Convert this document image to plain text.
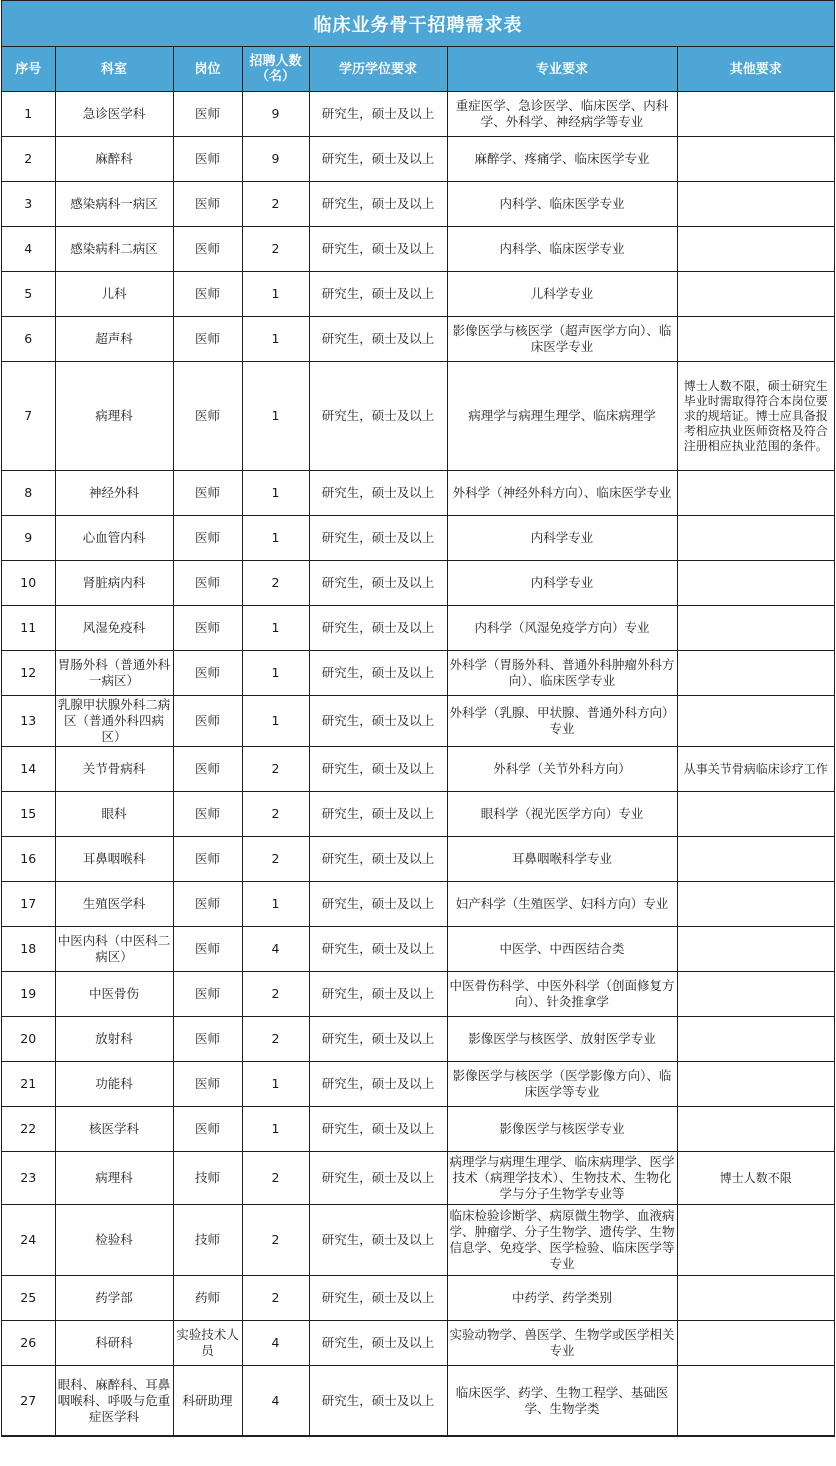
临床业务骨干招聘需求表
序号	科室	岗位	招聘人数（名）	学历学位要求	专业要求	其他要求
1	急诊医学科	医师	9	研究生，硕士及以上	重症医学、急诊医学、临床医学、内科学、外科学、神经病学等专业	
2	麻醉科	医师	9	研究生，硕士及以上	麻醉学、疼痛学、临床医学专业	
3	感染病科一病区	医师	2	研究生，硕士及以上	内科学、临床医学专业	
4	感染病科二病区	医师	2	研究生，硕士及以上	内科学、临床医学专业	
5	儿科	医师	1	研究生，硕士及以上	儿科学专业	
6	超声科	医师	1	研究生，硕士及以上	影像医学与核医学（超声医学方向）、临床医学专业	
7	病理科	医师	1	研究生，硕士及以上	病理学与病理生理学、临床病理学	博士人数不限，硕士研究生毕业时需取得符合本岗位要求的规培证。博士应具备报考相应执业医师资格及符合注册相应执业范围的条件。
8	神经外科	医师	1	研究生，硕士及以上	外科学（神经外科方向）、临床医学专业	
9	心血管内科	医师	1	研究生，硕士及以上	内科学专业	
10	肾脏病内科	医师	2	研究生，硕士及以上	内科学专业	
11	风湿免疫科	医师	1	研究生，硕士及以上	内科学（风湿免疫学方向）专业	
12	胃肠外科（普通外科一病区）	医师	1	研究生，硕士及以上	外科学（胃肠外科、普通外科肿瘤外科方向）、临床医学专业	
13	乳腺甲状腺外科二病区（普通外科四病区）	医师	1	研究生，硕士及以上	外科学（乳腺、甲状腺、普通外科方向）专业	
14	关节骨病科	医师	2	研究生，硕士及以上	外科学（关节外科方向）	从事关节骨病临床诊疗工作
15	眼科	医师	2	研究生，硕士及以上	眼科学（视光医学方向）专业	
16	耳鼻咽喉科	医师	2	研究生，硕士及以上	耳鼻咽喉科学专业	
17	生殖医学科	医师	1	研究生，硕士及以上	妇产科学（生殖医学、妇科方向）专业	
18	中医内科（中医科二病区）	医师	4	研究生，硕士及以上	中医学、中西医结合类	
19	中医骨伤	医师	2	研究生，硕士及以上	中医骨伤科学、中医外科学（创面修复方向）、针灸推拿学	
20	放射科	医师	2	研究生，硕士及以上	影像医学与核医学、放射医学专业	
21	功能科	医师	1	研究生，硕士及以上	影像医学与核医学（医学影像方向）、临床医学等专业	
22	核医学科	医师	1	研究生，硕士及以上	影像医学与核医学专业	
23	病理科	技师	2	研究生，硕士及以上	病理学与病理生理学、临床病理学、医学技术（病理学技术）、生物技术、生物化学与分子生物学专业等	博士人数不限
24	检验科	技师	2	研究生，硕士及以上	临床检验诊断学、病原微生物学、血液病学、肿瘤学、分子生物学、遗传学、生物信息学、免疫学、医学检验、临床医学等专业	
25	药学部	药师	2	研究生，硕士及以上	中药学、药学类别	
26	科研科	实验技术人员	4	研究生，硕士及以上	实验动物学、兽医学、生物学或医学相关专业	
27	眼科、麻醉科、耳鼻咽喉科、呼吸与危重症医学科	科研助理	4	研究生，硕士及以上	临床医学、药学、生物工程学、基础医学、生物学类	
